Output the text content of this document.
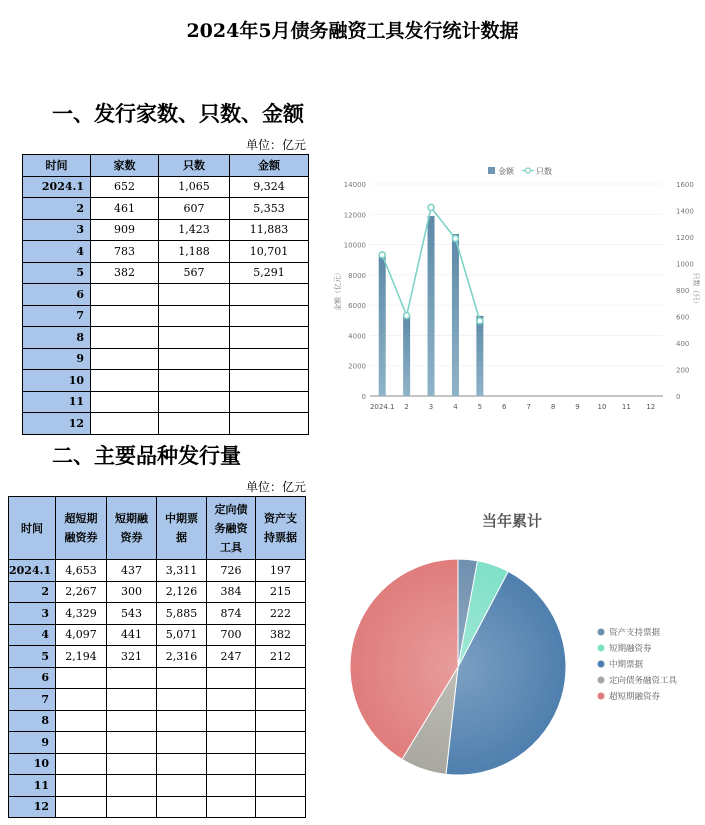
2024年5月债务融资工具发行统计数据
一、发行家数、只数、金额
单位：亿元
时间	家数	只数	金额
2024.1	652	1,065	9,324
2	461	607	5,353
3	909	1,423	11,883
4	783	1,188	10,701
5	382	567	5,291
6			
7			
8			
9			
10			
11			
12			
二、主要品种发行量
单位：亿元
时间	超短期融资券	短期融资券	中期票据	定向债务融资工具	资产支持票据
2024.1	4,653	437	3,311	726	197
2	2,267	300	2,126	384	215
3	4,329	543	5,885	874	222
4	4,097	441	5,071	700	382
5	2,194	321	2,316	247	212
6					
7					
8					
9					
10					
11					
12					
金额	只数
0
2000
4000
6000
8000
10000
12000
14000
0
200
400
600
800
1000
1200
1400
1600
金额（亿元）	只数（只）
2024.1 2	3	4	5	6	7	8	9	10 11 12
当年累计
资产支持票据
短期融资券
中期票据
定向债务融资工具
超短期融资券
